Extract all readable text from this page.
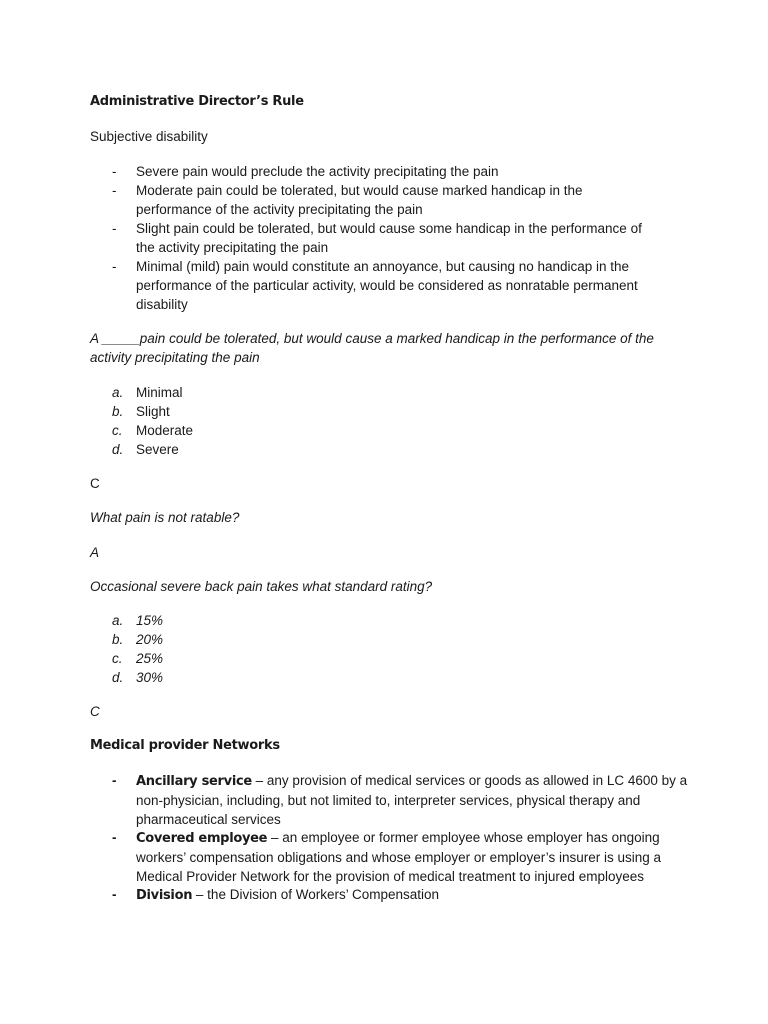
Administrative Director’s Rule
Subjective disability
- Severe pain would preclude the activity precipitating the pain
- Moderate pain could be tolerated, but would cause marked handicap in the
performance of the activity precipitating the pain
- Slight pain could be tolerated, but would cause some handicap in the performance of
the activity precipitating the pain
- Minimal (mild) pain would constitute an annoyance, but causing no handicap in the
performance of the particular activity, would be considered as nonratable permanent
disability
A _____pain could be tolerated, but would cause a marked handicap in the performance of the
activity precipitating the pain
a. Minimal
b. Slight
c. Moderate
d. Severe
C
What pain is not ratable?
A
Occasional severe back pain takes what standard rating?
a. 15%
b. 20%
c. 25%
d. 30%
C
Medical provider Networks
- Ancillary service – any provision of medical services or goods as allowed in LC 4600 by a
non-physician, including, but not limited to, interpreter services, physical therapy and
pharmaceutical services
- Covered employee – an employee or former employee whose employer has ongoing
workers’ compensation obligations and whose employer or employer’s insurer is using a
Medical Provider Network for the provision of medical treatment to injured employees
- Division – the Division of Workers’ Compensation
